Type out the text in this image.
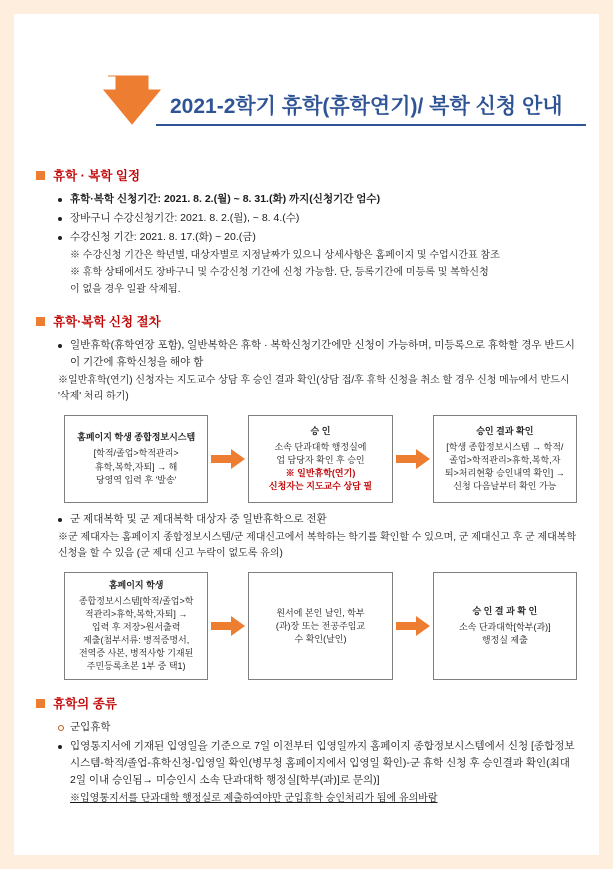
2021-2학기 휴학(휴학연기)/ 복학 신청 안내
휴학 · 복학 일정
휴학·복학 신청기간: 2021. 8. 2.(월) ~ 8. 31.(화) 까지(신청기간 엄수)
장바구니 수강신청기간: 2021. 8. 2.(월), ~ 8. 4.(수)
수강신청 기간: 2021. 8. 17.(화) ~ 20.(금)
※ 수강신청 기간은 학년별, 대상자별로 지정날짜가 있으니 상세사항은 홈페이지 및 수업시간표 참조
※ 휴학 상태에서도 장바구니 및 수강신청 기간에 신청 가능함. 단, 등록기간에 미등록 및 복학신청
이 없을 경우 일괄 삭제됨.
휴학·복학 신청 절차
일반휴학(휴학연장 포함), 일반복학은 휴학 · 복학신청기간에만 신청이 가능하며, 미등록으로 휴학할 경우 반드시 이 기간에 휴학신청을 해야 함
※일반휴학(연기) 신청자는 지도교수 상담 후 승인 결과 확인(상담 접/후 휴학 신청을 취소 할 경우 신청 메뉴에서 반드시 '삭제' 처리 하기)
홈페이지 학생 종합정보시스템
[학적/졸업>학적관리>
휴학,복학,자퇴] → 해
당영역 입력 후 '발송'
승 인
소속 단과대학 행정실에
업 담당자 확인 후 승인
※ 일반휴학(연기)
신청자는 지도교수 상담 필
승인 결과 확인
[학생 종합정보시스템 → 학적/
졸업>학적관리>휴학,복학,자
퇴>처리현황 승인내역 확인] →
신청 다음날부터 확인 가능
군 제대복학 및 군 제대복학 대상자 중 일반휴학으로 전환
※군 제대자는 홈페이지 종합정보시스템/군 제대신고에서 복학하는 학기를 확인할 수 있으며, 군 제대신고 후 군 제대복학신청을 할 수 있음 (군 제대 신고 누락이 없도록 유의)
홈페이지 학생
종합정보시스템[학적/졸업>학
적관리>휴학,복학,자퇴] →
입력 후 저장>원서출력
제출(첨부서류: 병적증명서,
전역증 사본, 병적사항 기재된
주민등록초본 1부 중 택1)
원서에 본인 날인, 학부
(과)장 또는 전공주임교
수 확인(날인)
승 인 결 과 확 인
소속 단과대학[학부(과)]
행정실 제출
휴학의 종류
군입휴학
입영통지서에 기재된 입영일을 기준으로 7일 이전부터 입영일까지 홈페이지 종합정보시스템에서 신청 [종합정보시스템-학적/졸업-휴학신청-입영일 확인(병무청 홈페이지에서 입영일 확인)-군 휴학 신청 후 승인결과 확인(최대 2일 이내 승인됨→ 미승인시 소속 단과대학 행정실[학부(과)]로 문의)]
※입영통지서를 단과대학 행정실로 제출하여야만 군입휴학 승인처리가 됨에 유의바람
